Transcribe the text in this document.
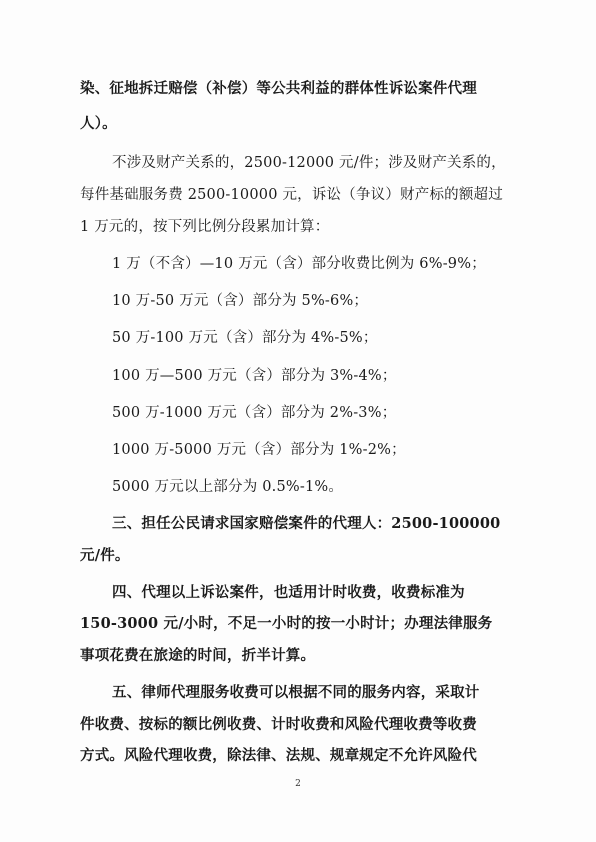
染、征地拆迁赔偿（补偿）等公共利益的群体性诉讼案件代理
人）。
不涉及财产关系的，2500-12000 元/件；涉及财产关系的，
每件基础服务费 2500-10000 元，诉讼（争议）财产标的额超过
1 万元的，按下列比例分段累加计算：
1 万（不含）—10 万元（含）部分收费比例为 6%-9%；
10 万-50 万元（含）部分为 5%-6%；
50 万-100 万元（含）部分为 4%-5%；
100 万—500 万元（含）部分为 3%-4%；
500 万-1000 万元（含）部分为 2%-3%；
1000 万-5000 万元（含）部分为 1%-2%；
5000 万元以上部分为 0.5%-1%。
三、担任公民请求国家赔偿案件的代理人：2500-100000
元/件。
四、代理以上诉讼案件，也适用计时收费，收费标准为
150-3000 元/小时，不足一小时的按一小时计；办理法律服务
事项花费在旅途的时间，折半计算。
五、律师代理服务收费可以根据不同的服务内容，采取计
件收费、按标的额比例收费、计时收费和风险代理收费等收费
方式。风险代理收费，除法律、法规、规章规定不允许风险代
2
